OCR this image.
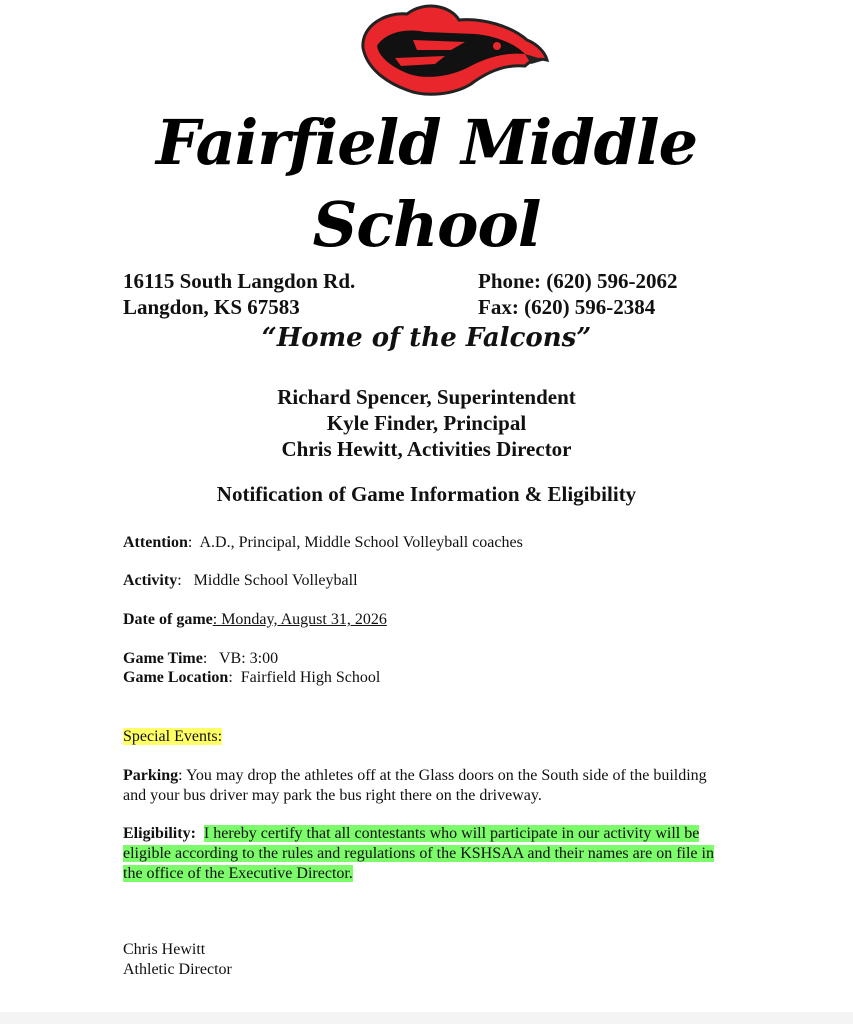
Fairfield Middle
School
16115 South Langdon Rd.
Langdon, KS 67583
Phone: (620) 596-2062
Fax: (620) 596-2384
“Home of the Falcons”
Richard Spencer, Superintendent
Kyle Finder, Principal
Chris Hewitt, Activities Director
Notification of Game Information & Eligibility
Attention:  A.D., Principal, Middle School Volleyball coaches
Activity:   Middle School Volleyball
Date of game: Monday, August 31, 2026
Game Time:   VB: 3:00
Game Location:  Fairfield High School
Special Events:
Parking: You may drop the athletes off at the Glass doors on the South side of the building and your bus driver may park the bus right there on the driveway.
Eligibility: I hereby certify that all contestants who will participate in our activity will be eligible according to the rules and regulations of the KSHSAA and their names are on file in the office of the Executive Director.
Chris Hewitt
Athletic Director
